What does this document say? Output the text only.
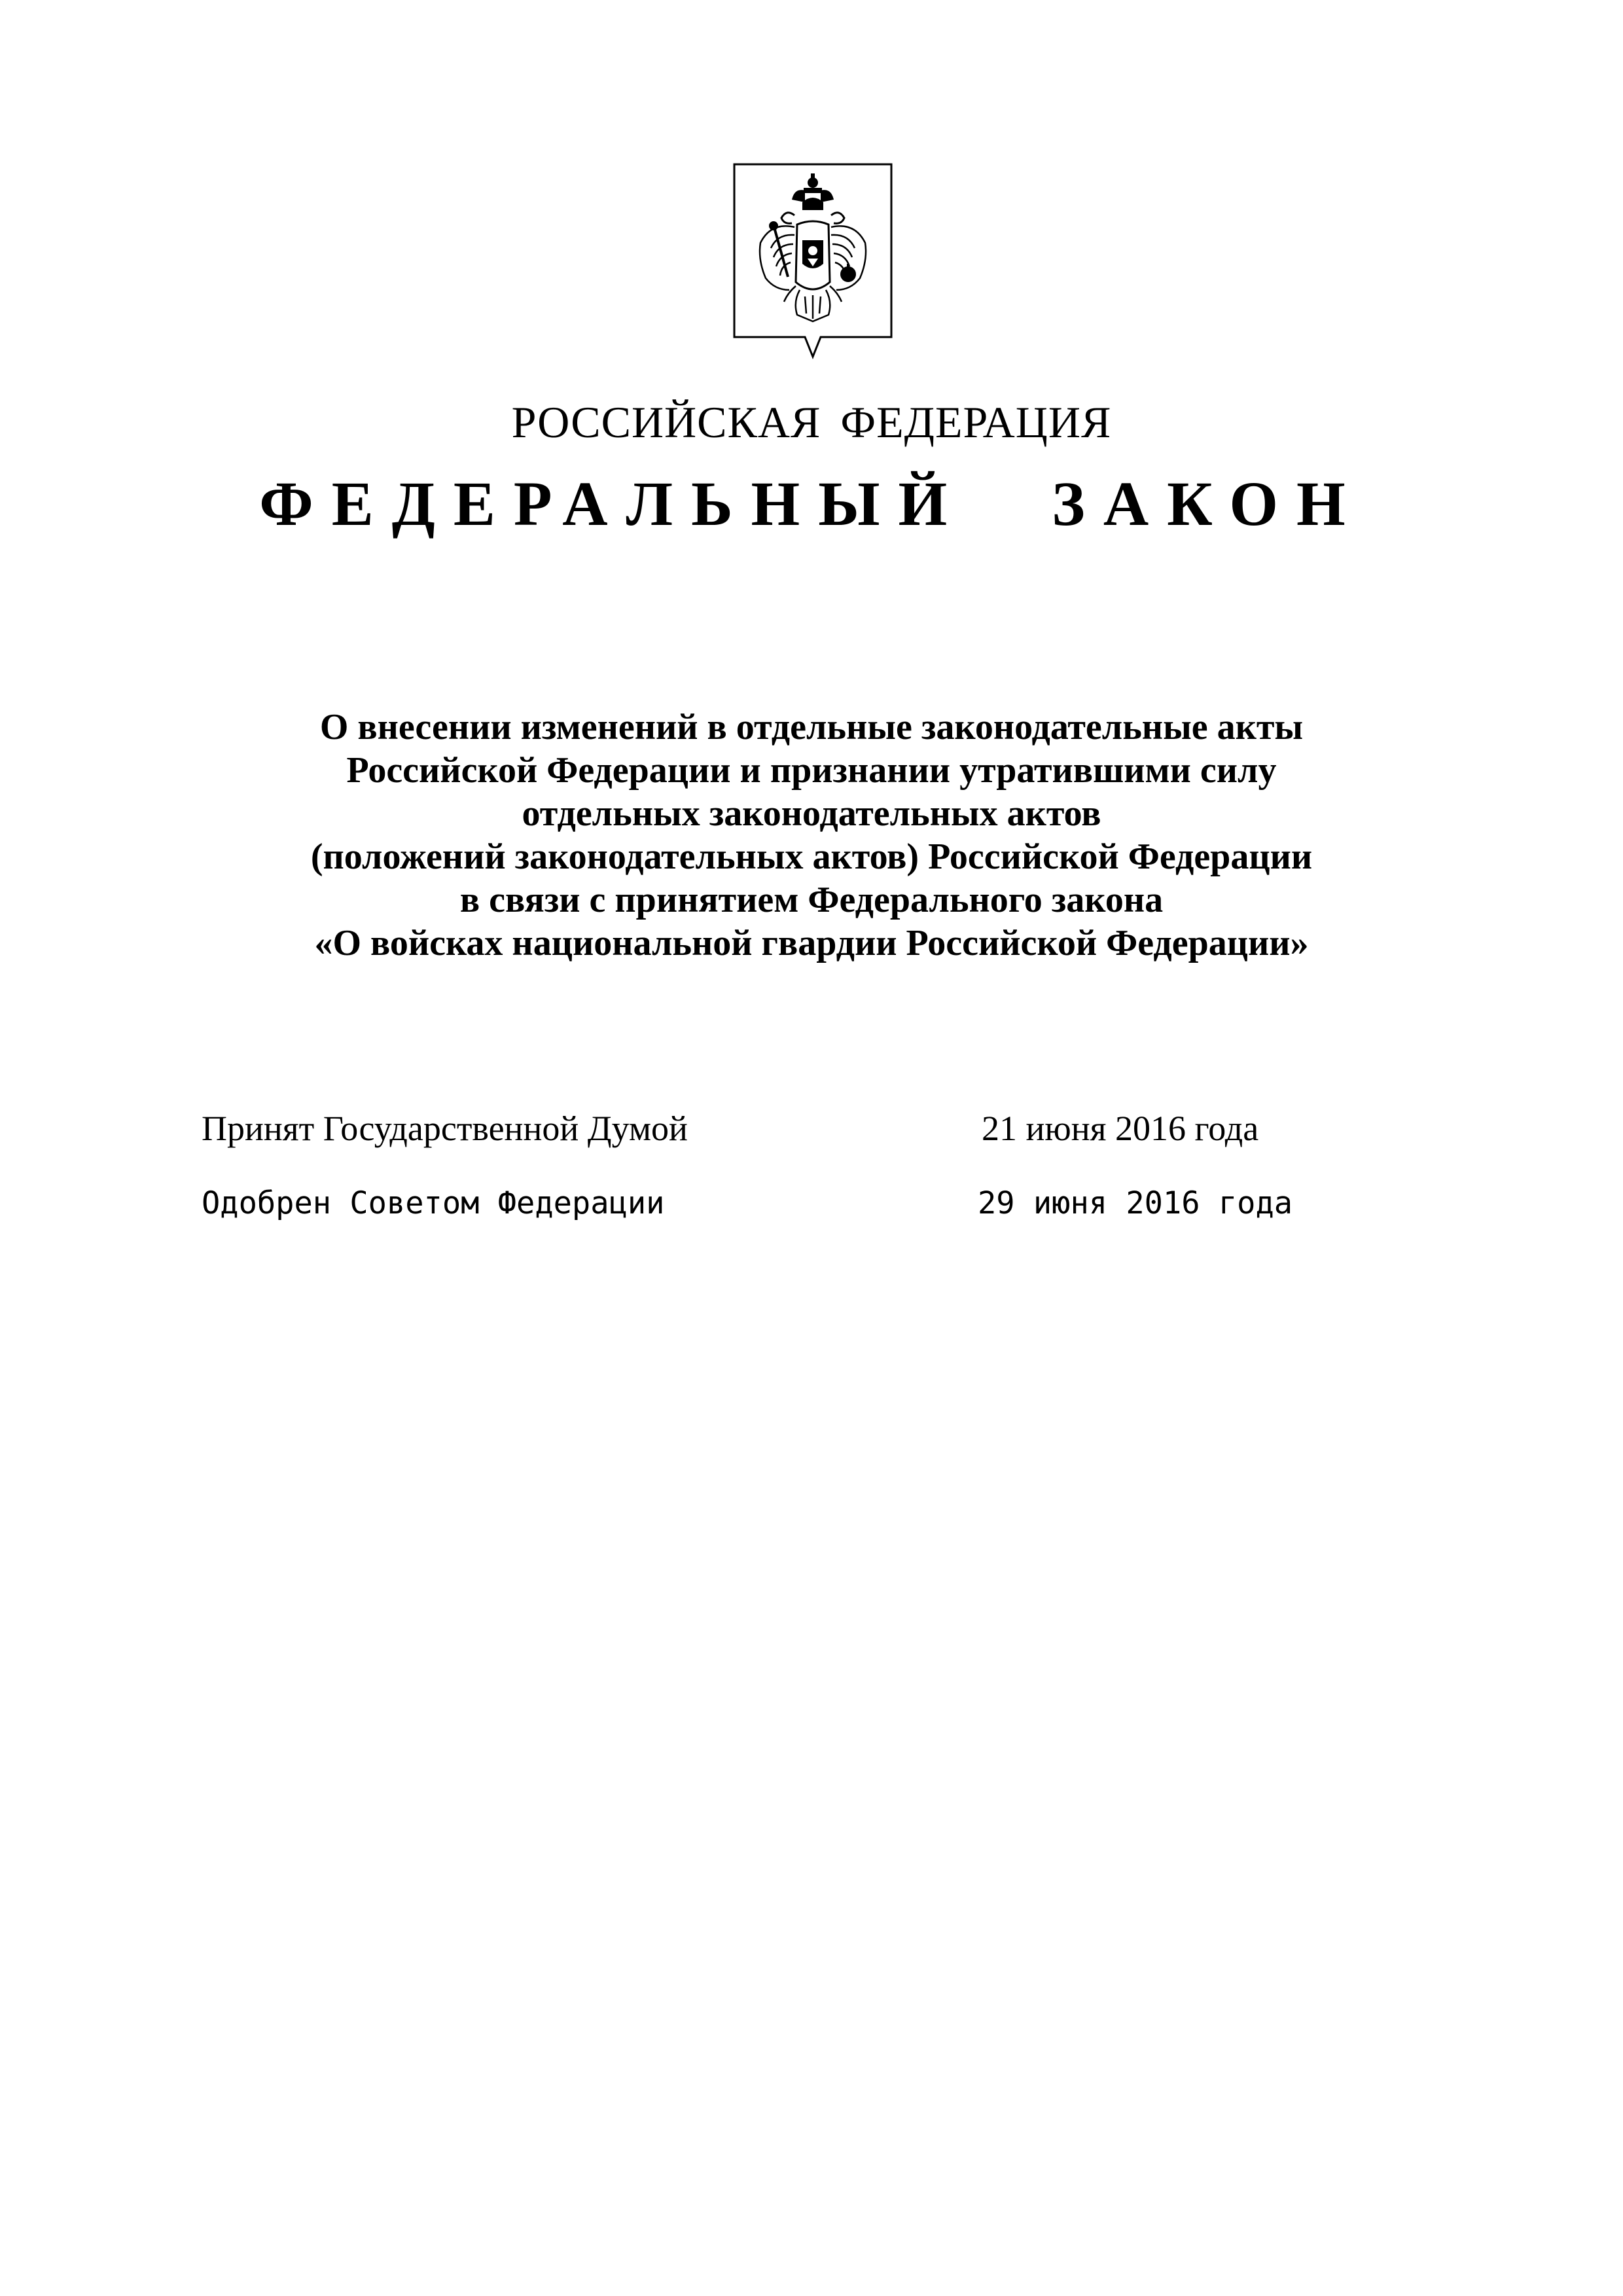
РОССИЙСКАЯ ФЕДЕРАЦИЯ
ФЕДЕРАЛЬНЫЙ ЗАКОН
О внесении изменений в отдельные законодательные акты
Российской Федерации и признании утратившими силу
отдельных законодательных актов
(положений законодательных актов) Российской Федерации
в связи с принятием Федерального закона
«О войсках национальной гвардии Российской Федерации»
Принят Государственной Думой	21 июня 2016 года
Одобрен Советом Федерации	29 июня 2016 года
